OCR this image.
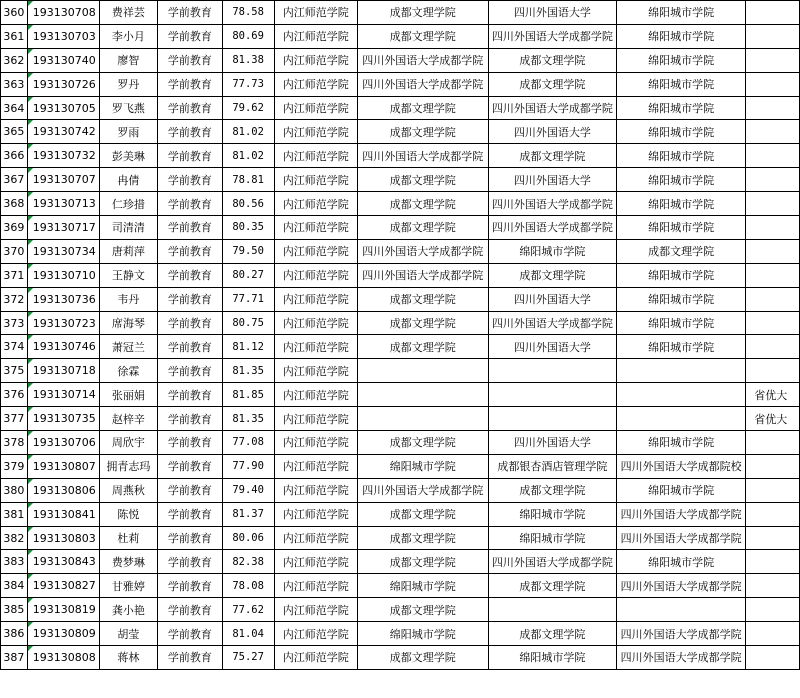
360	193130708	费祥芸	学前教育	78.58	内江师范学院	成都文理学院	四川外国语大学	绵阳城市学院	
361	193130703	李小月	学前教育	80.69	内江师范学院	成都文理学院	四川外国语大学成都学院	绵阳城市学院	
362	193130740	廖智	学前教育	81.38	内江师范学院	四川外国语大学成都学院	成都文理学院	绵阳城市学院	
363	193130726	罗丹	学前教育	77.73	内江师范学院	四川外国语大学成都学院	成都文理学院	绵阳城市学院	
364	193130705	罗飞燕	学前教育	79.62	内江师范学院	成都文理学院	四川外国语大学成都学院	绵阳城市学院	
365	193130742	罗雨	学前教育	81.02	内江师范学院	成都文理学院	四川外国语大学	绵阳城市学院	
366	193130732	彭美琳	学前教育	81.02	内江师范学院	四川外国语大学成都学院	成都文理学院	绵阳城市学院	
367	193130707	冉倩	学前教育	78.81	内江师范学院	成都文理学院	四川外国语大学	绵阳城市学院	
368	193130713	仁珍措	学前教育	80.56	内江师范学院	成都文理学院	四川外国语大学成都学院	绵阳城市学院	
369	193130717	司清清	学前教育	80.35	内江师范学院	成都文理学院	四川外国语大学成都学院	绵阳城市学院	
370	193130734	唐莉萍	学前教育	79.50	内江师范学院	四川外国语大学成都学院	绵阳城市学院	成都文理学院	
371	193130710	王静文	学前教育	80.27	内江师范学院	四川外国语大学成都学院	成都文理学院	绵阳城市学院	
372	193130736	韦丹	学前教育	77.71	内江师范学院	成都文理学院	四川外国语大学	绵阳城市学院	
373	193130723	席海琴	学前教育	80.75	内江师范学院	成都文理学院	四川外国语大学成都学院	绵阳城市学院	
374	193130746	萧冠兰	学前教育	81.12	内江师范学院	成都文理学院	四川外国语大学	绵阳城市学院	
375	193130718	徐霖	学前教育	81.35	内江师范学院				
376	193130714	张丽娟	学前教育	81.85	内江师范学院				省优大
377	193130735	赵梓辛	学前教育	81.35	内江师范学院				省优大
378	193130706	周欣宇	学前教育	77.08	内江师范学院	成都文理学院	四川外国语大学	绵阳城市学院	
379	193130807	拥青志玛	学前教育	77.90	内江师范学院	绵阳城市学院	成都银杏酒店管理学院	四川外国语大学成都院校	
380	193130806	周燕秋	学前教育	79.40	内江师范学院	四川外国语大学成都学院	成都文理学院	绵阳城市学院	
381	193130841	陈悦	学前教育	81.37	内江师范学院	成都文理学院	绵阳城市学院	四川外国语大学成都学院	
382	193130803	杜莉	学前教育	80.06	内江师范学院	成都文理学院	绵阳城市学院	四川外国语大学成都学院	
383	193130843	费梦琳	学前教育	82.38	内江师范学院	成都文理学院	四川外国语大学成都学院	绵阳城市学院	
384	193130827	甘雅婷	学前教育	78.08	内江师范学院	绵阳城市学院	成都文理学院	四川外国语大学成都学院	
385	193130819	龚小艳	学前教育	77.62	内江师范学院	成都文理学院			
386	193130809	胡莹	学前教育	81.04	内江师范学院	绵阳城市学院	成都文理学院	四川外国语大学成都学院	
387	193130808	蒋林	学前教育	75.27	内江师范学院	成都文理学院	绵阳城市学院	四川外国语大学成都学院	
